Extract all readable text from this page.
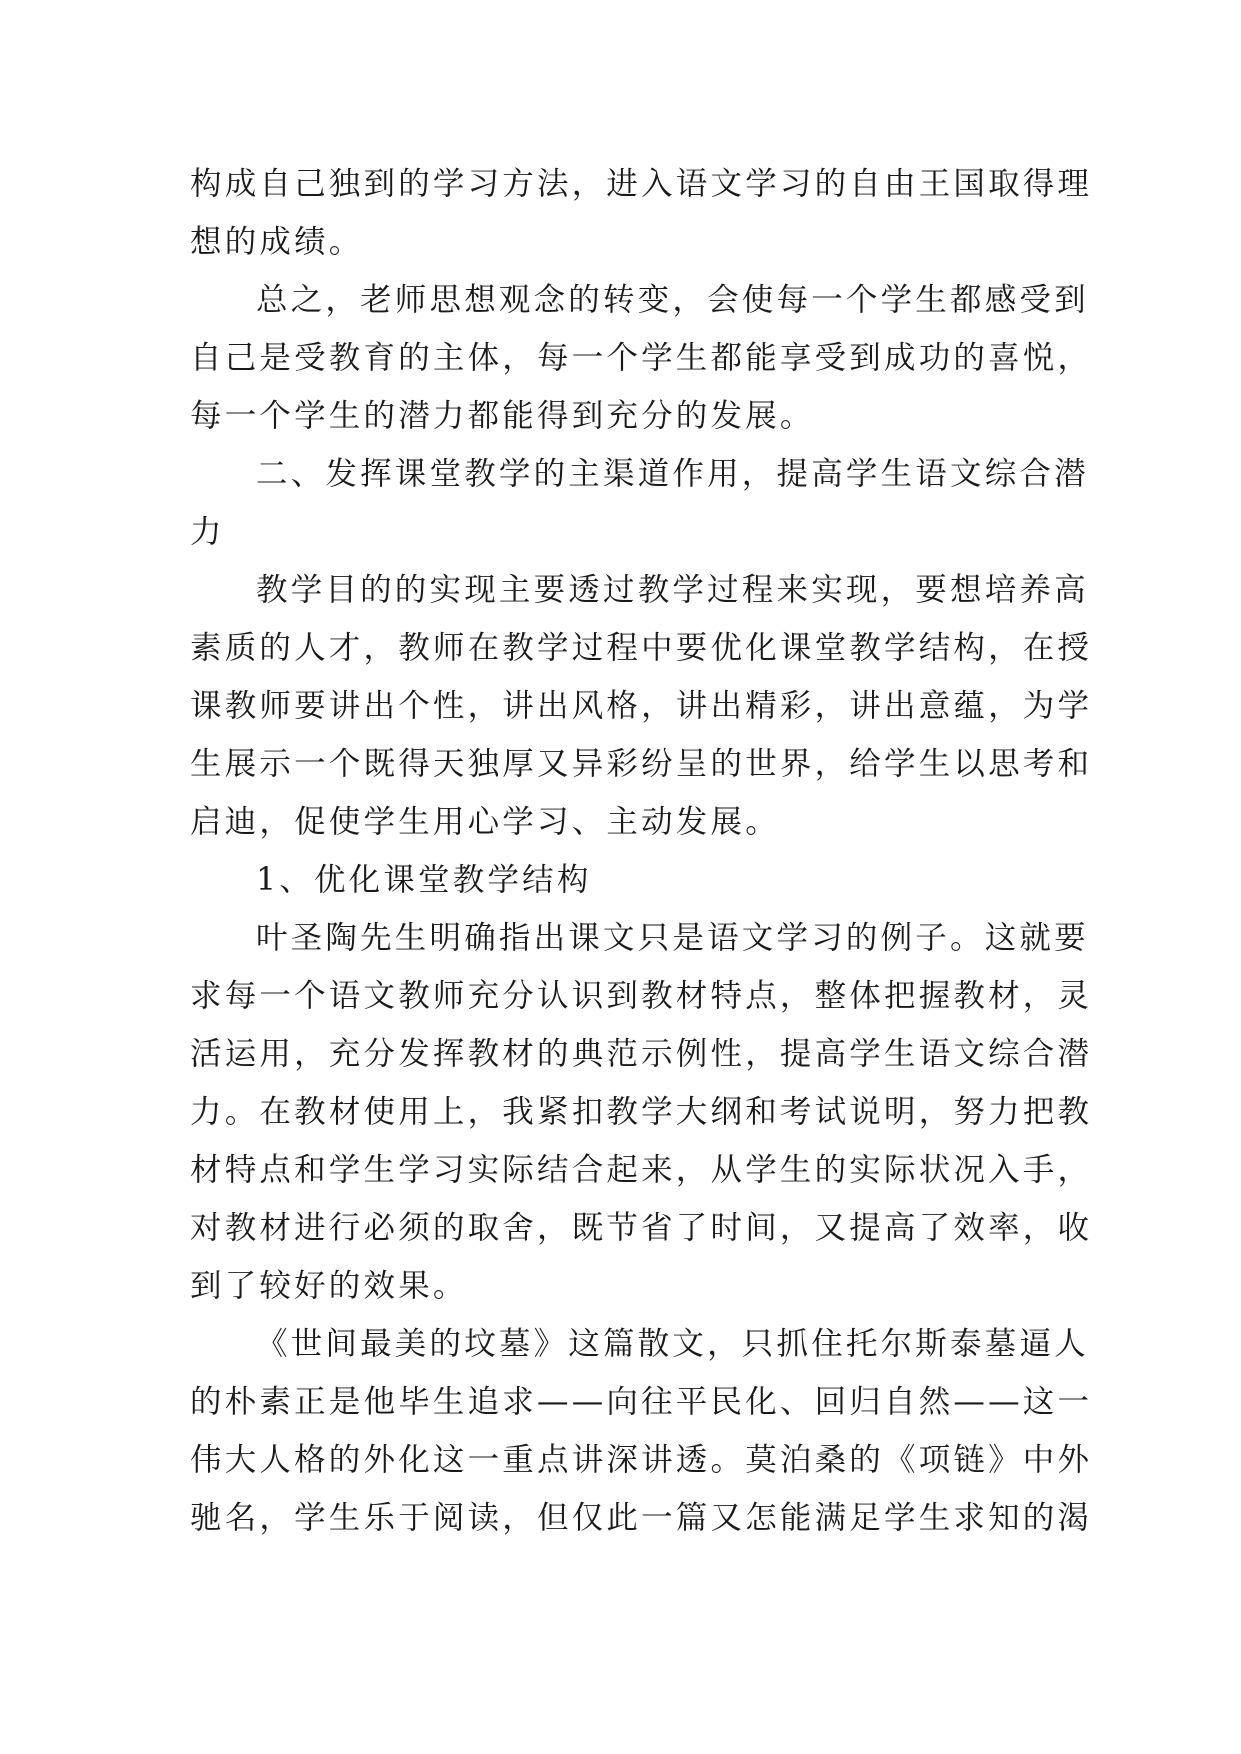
构成自己独到的学习方法，进入语文学习的自由王国取得理
想的成绩。
总之，老师思想观念的转变，会使每一个学生都感受到
自己是受教育的主体，每一个学生都能享受到成功的喜悦，
每一个学生的潜力都能得到充分的发展。
二、发挥课堂教学的主渠道作用，提高学生语文综合潜
力
教学目的的实现主要透过教学过程来实现，要想培养高
素质的人才，教师在教学过程中要优化课堂教学结构，在授
课教师要讲出个性，讲出风格，讲出精彩，讲出意蕴，为学
生展示一个既得天独厚又异彩纷呈的世界，给学生以思考和
启迪，促使学生用心学习、主动发展。
1、优化课堂教学结构
叶圣陶先生明确指出课文只是语文学习的例子。这就要
求每一个语文教师充分认识到教材特点，整体把握教材，灵
活运用，充分发挥教材的典范示例性，提高学生语文综合潜
力。在教材使用上，我紧扣教学大纲和考试说明，努力把教
材特点和学生学习实际结合起来，从学生的实际状况入手，
对教材进行必须的取舍，既节省了时间，又提高了效率，收
到了较好的效果。
《世间最美的坟墓》这篇散文，只抓住托尔斯泰墓逼人
的朴素正是他毕生追求——向往平民化、回归自然——这一
伟大人格的外化这一重点讲深讲透。莫泊桑的《项链》中外
驰名，学生乐于阅读，但仅此一篇又怎能满足学生求知的渴
